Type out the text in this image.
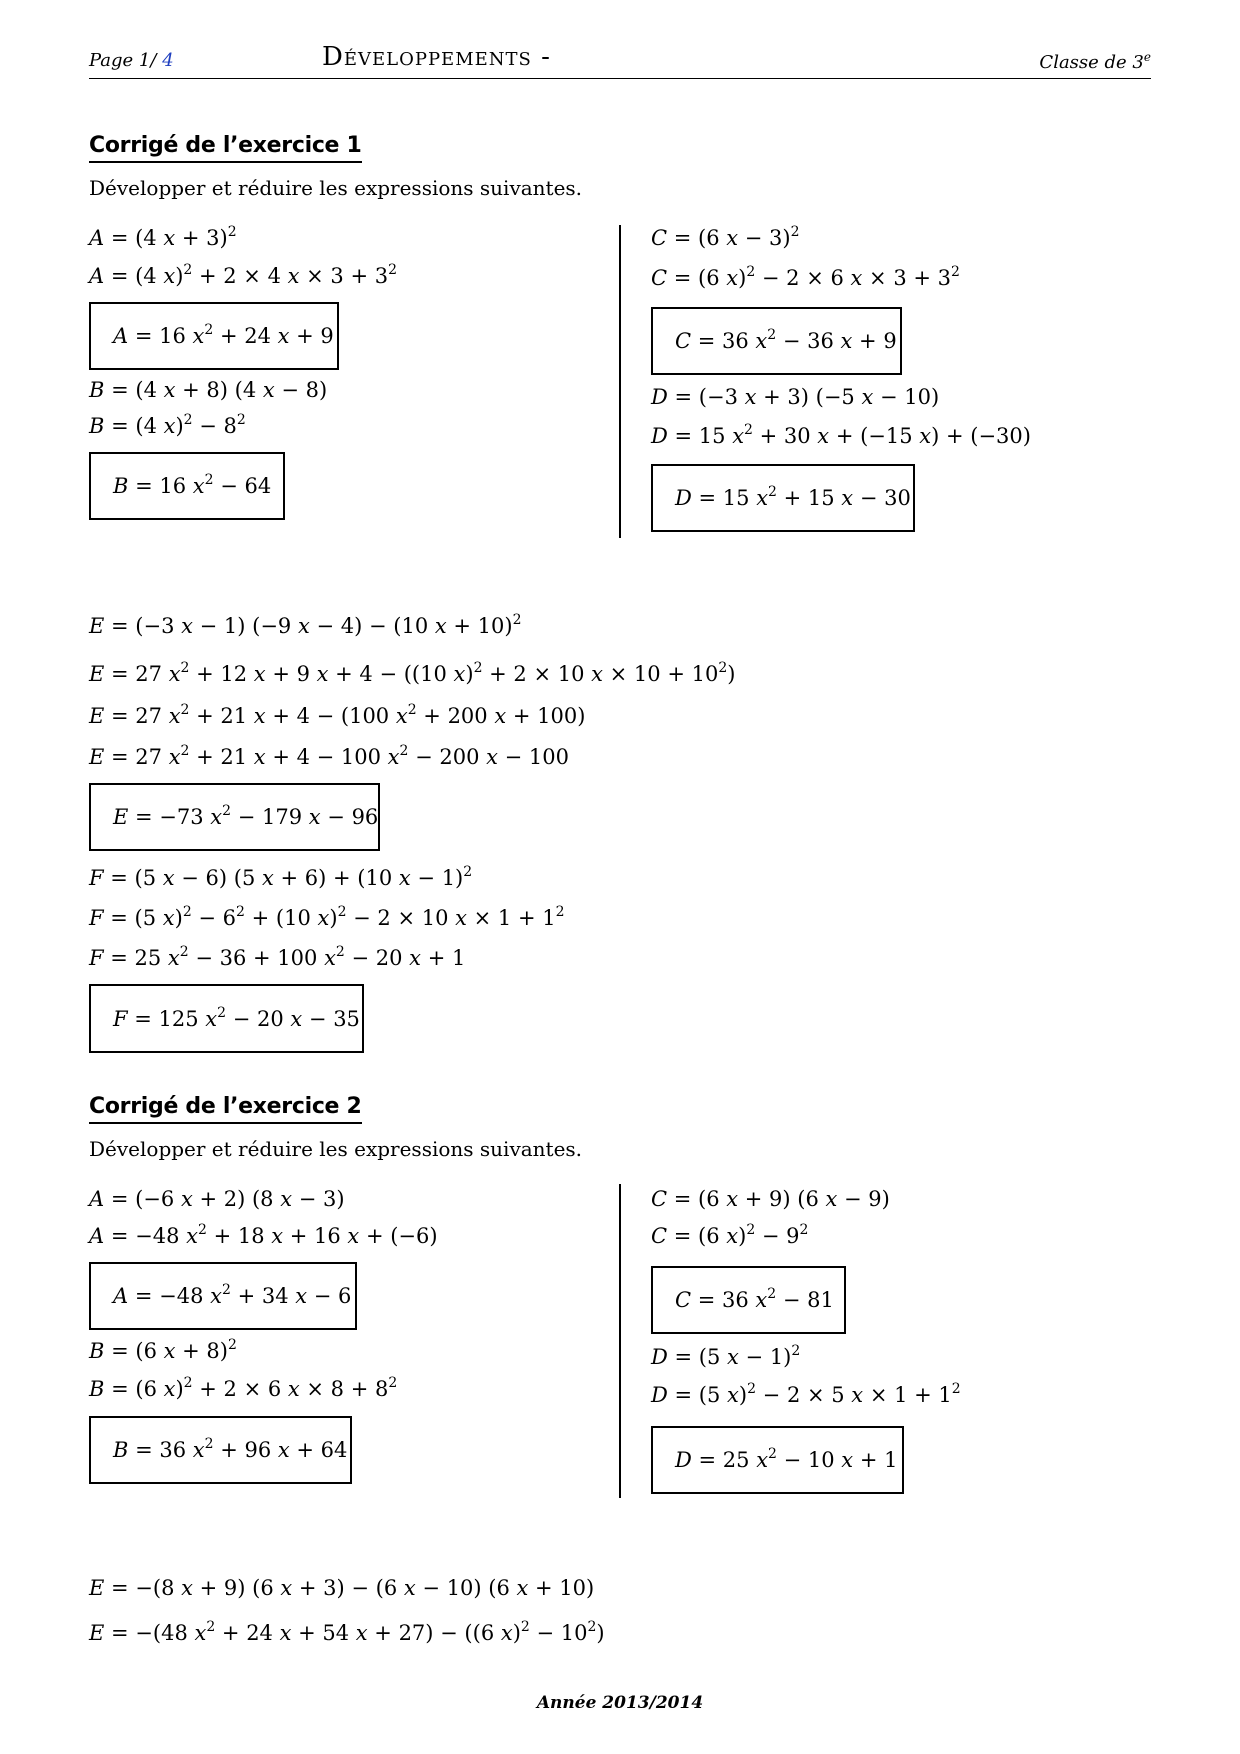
Page 1/ 4	Développements -	Classe de 3e
Corrigé de l’exercice 1
Développer et réduire les expressions suivantes.
A = (4 x + 3)$^2$
A = (4 x)$^2$ + 2 × 4 $x \times 3 + 3^2$
A = 16 $x^2 + 24$ x + 9
B = (4 x + 8) (4 x − 8)
B = (4 $x)^2 - 8^2$
B = 16 $x^2 - 64$
C = (6 x − 3)$^2$
C = (6 x)$^2$ − 2 × 6 $x \times 3 + 3^2$
C = 36 $x^2 - 36$ x + 9
D = (−3 x + 3) (−5 x − 10)
D = 15 $x^2 + 30$ x + (−15 x) + (−30)
D = 15 $x^2 + 15$ x − 30
E = (−3 x − 1) (−9 x − 4) − (10 x + 10)$^2$
E = 27 $x^2 + 12$ x + 9 x + 4 − ((10 x)$^2$ + 2 × 10 $x \times 10 + 10^2$)
E = 27 $x^2 + 21$ x + 4 − (100 $x^2 + 200$ x + 100)
E = 27 $x^2 + 21$ x + 4 − 100 $x^2 - 200$ x − 100
E = −73 $x^2 - 179$ x − 96
F = (5 x − 6) (5 x + 6) + (10 x − 1)$^2$
F = (5 $x)^2 - 6^2 + (10$ x)$^2$ − 2 × 10 $x \times 1 + 1^2$
F = 25 $x^2 - 36 + 100$ $x^2 - 20$ x + 1
F = 125 $x^2 - 20$ x − 35
Corrigé de l’exercice 2
Développer et réduire les expressions suivantes.
A = (−6 x + 2) (8 x − 3)
A = −48 $x^2 + 18$ x + 16 x + (−6)
A = −48 $x^2 + 34$ x − 6
B = (6 x + 8)$^2$
B = (6 x)$^2$ + 2 × 6 $x \times 8 + 8^2$
B = 36 $x^2 + 96$ x + 64
C = (6 x + 9) (6 x − 9)
C = (6 $x)^2 - 9^2$
C = 36 $x^2 - 81$
D = (5 x − 1)$^2$
D = (5 x)$^2$ − 2 × 5 $x \times 1 + 1^2$
D = 25 $x^2 - 10$ x + 1
E = −(8 x + 9) (6 x + 3) − (6 x − 10) (6 x + 10)
E = −(48 $x^2 + 24$ x + 54 x + 27) − ((6 $x)^2 - 10^2$)
Année 2013/2014
